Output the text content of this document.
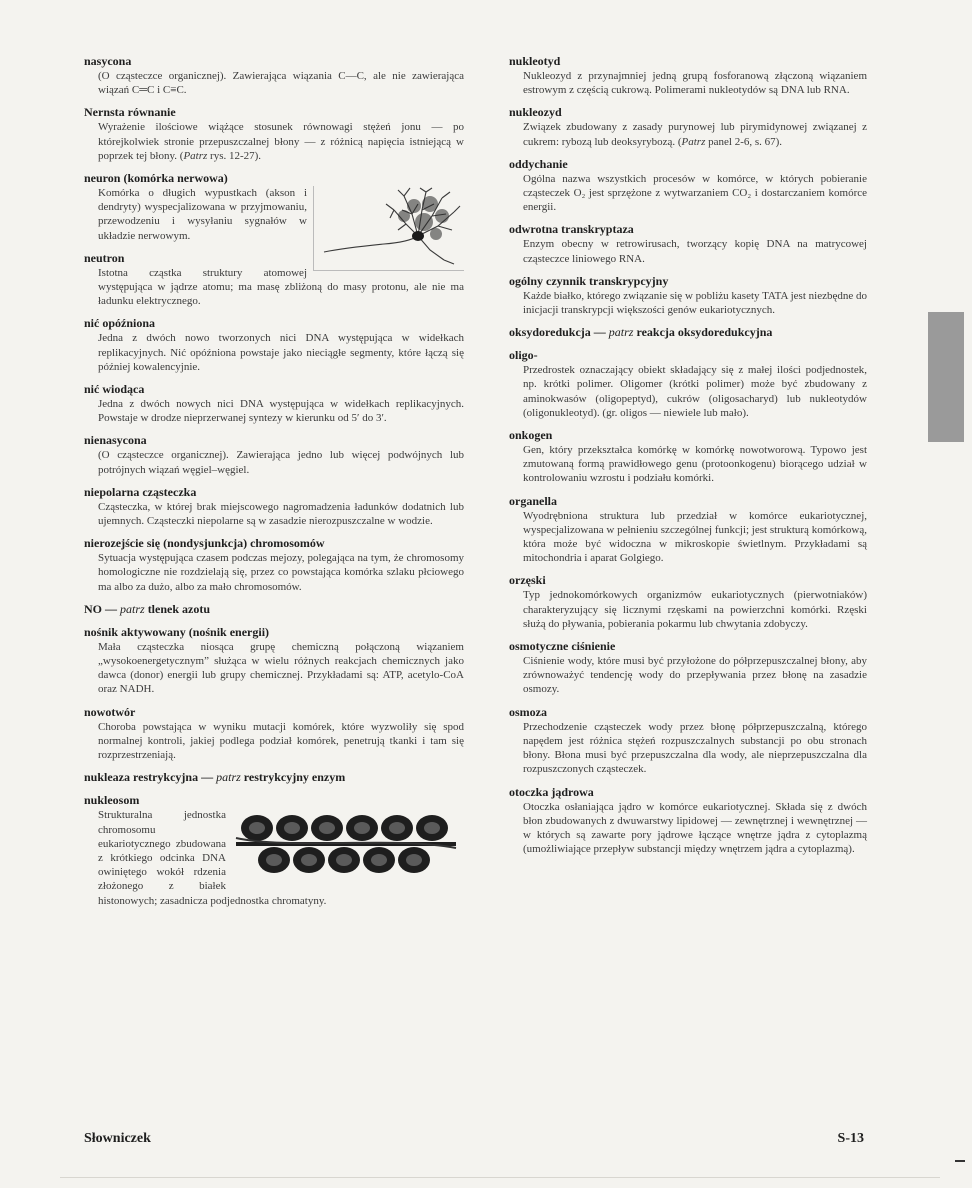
nasycona
(O cząsteczce organicznej). Zawierająca wiązania C—C, ale nie zawierająca wiązań C═C i C≡C.
Nernsta równanie
Wyrażenie ilościowe wiążące stosunek równowagi stężeń jonu — po którejkolwiek stronie przepuszczalnej błony — z różnicą napięcia istniejącą w poprzek tej błony. (Patrz rys. 12-27).
neuron (komórka nerwowa)
Komórka o długich wypustkach (akson i dendryty) wyspecjalizowana w przyjmowaniu, przewodzeniu i wysyłaniu sygnałów w układzie nerwowym.
neutron
Istotna cząstka struktury atomowej występująca w jądrze atomu; ma masę zbliżoną do masy protonu, ale nie ma ładunku elektrycznego.
nić opóźniona
Jedna z dwóch nowo tworzonych nici DNA występująca w widełkach replikacyjnych. Nić opóźniona powstaje jako nieciągłe segmenty, które łączą się później kowalencyjnie.
nić wiodąca
Jedna z dwóch nowych nici DNA występująca w widełkach replikacyjnych. Powstaje w drodze nieprzerwanej syntezy w kierunku od 5′ do 3′.
nienasycona
(O cząsteczce organicznej). Zawierająca jedno lub więcej podwójnych lub potrójnych wiązań węgiel–węgiel.
niepolarna cząsteczka
Cząsteczka, w której brak miejscowego nagromadzenia ładunków dodatnich lub ujemnych. Cząsteczki niepolarne są w zasadzie nierozpuszczalne w wodzie.
nierozejście się (nondysjunkcja) chromosomów
Sytuacja występująca czasem podczas mejozy, polegająca na tym, że chromosomy homologiczne nie rozdzielają się, przez co powstająca komórka szlaku płciowego ma albo za dużo, albo za mało chromosomów.
NO — patrz tlenek azotu
nośnik aktywowany (nośnik energii)
Mała cząsteczka niosąca grupę chemiczną połączoną wiązaniem „wysokoenergetycznym” służąca w wielu różnych reakcjach chemicznych jako dawca (donor) energii lub grupy chemicznej. Przykładami są: ATP, acetylo-CoA oraz NADH.
nowotwór
Choroba powstająca w wyniku mutacji komórek, które wyzwoliły się spod normalnej kontroli, jakiej podlega podział komórek, penetrują tkanki i tam się rozprzestrzeniają.
nukleaza restrykcyjna — patrz restrykcyjny enzym
nukleosom
Strukturalna jednostka chromosomu eukariotycznego zbudowana z krótkiego odcinka DNA owiniętego wokół rdzenia złożonego z białek histonowych; zasadnicza podjednostka chromatyny.
nukleotyd
Nukleozyd z przynajmniej jedną grupą fosforanową złączoną wiązaniem estrowym z częścią cukrową. Polimerami nukleotydów są DNA lub RNA.
nukleozyd
Związek zbudowany z zasady purynowej lub pirymidynowej związanej z cukrem: rybozą lub deoksyrybozą. (Patrz panel 2-6, s. 67).
oddychanie
Ogólna nazwa wszystkich procesów w komórce, w których pobieranie cząsteczek O₂ jest sprzężone z wytwarzaniem CO₂ i dostarczaniem komórce energii.
odwrotna transkryptaza
Enzym obecny w retrowirusach, tworzący kopię DNA na matrycowej cząsteczce liniowego RNA.
ogólny czynnik transkrypcyjny
Każde białko, którego związanie się w pobliżu kasety TATA jest niezbędne do inicjacji transkrypcji większości genów eukariotycznych.
oksydoredukcja — patrz reakcja oksydoredukcyjna
oligo-
Przedrostek oznaczający obiekt składający się z małej ilości podjednostek, np. krótki polimer. Oligomer (krótki polimer) może być zbudowany z aminokwasów (oligopeptyd), cukrów (oligosacharyd) lub nukleotydów (oligonukleotyd). (gr. oligos — niewiele lub mało).
onkogen
Gen, który przekształca komórkę w komórkę nowotworową. Typowo jest zmutowaną formą prawidłowego genu (protoonkogenu) biorącego udział w kontrolowaniu wzrostu i podziału komórki.
organella
Wyodrębniona struktura lub przedział w komórce eukariotycznej, wyspecjalizowana w pełnieniu szczególnej funkcji; jest strukturą komórkową, która może być widoczna w mikroskopie świetlnym. Przykładami są mitochondria i aparat Golgiego.
orzęski
Typ jednokomórkowych organizmów eukariotycznych (pierwotniaków) charakteryzujący się licznymi rzęskami na powierzchni komórki. Rzęski służą do pływania, pobierania pokarmu lub chwytania zdobyczy.
osmotyczne ciśnienie
Ciśnienie wody, które musi być przyłożone do półprzepuszczalnej błony, aby zrównoważyć tendencję wody do przepływania przez błonę na zasadzie osmozy.
osmoza
Przechodzenie cząsteczek wody przez błonę półprzepuszczalną, którego napędem jest różnica stężeń rozpuszczalnych substancji po obu stronach błony. Błona musi być przepuszczalna dla wody, ale nieprzepuszczalna dla rozpuszczonych cząsteczek.
otoczka jądrowa
Otoczka osłaniająca jądro w komórce eukariotycznej. Składa się z dwóch błon zbudowanych z dwuwarstwy lipidowej — zewnętrznej i wewnętrznej — w których są zawarte pory jądrowe łączące wnętrze jądra z cytoplazmą (umożliwiające przepływ substancji między wnętrzem jądra a cytoplazmą).
Słowniczek	S-13
